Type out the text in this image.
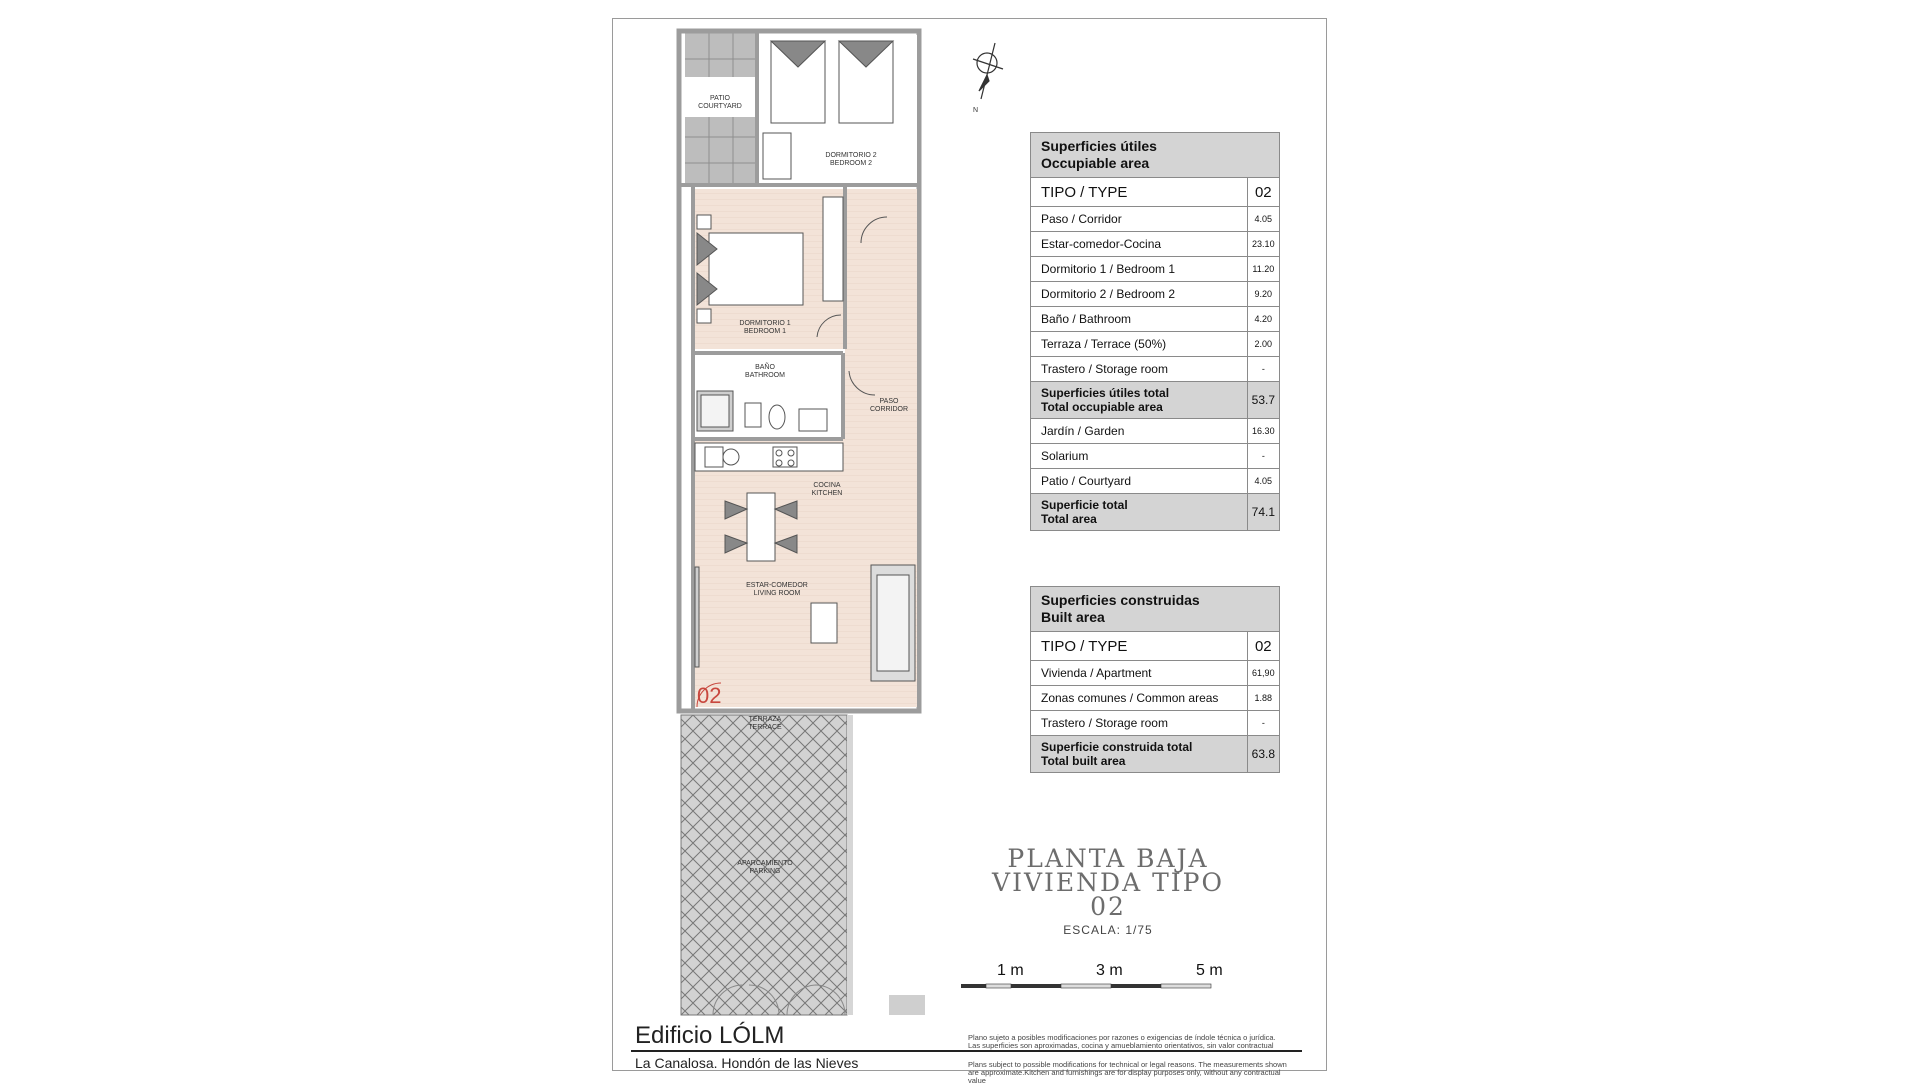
02
PATIO COURTYARD
DORMITORIO 2 BEDROOM 2
DORMITORIO 1 BEDROOM 1
BAÑO BATHROOM
PASO CORRIDOR
COCINA KITCHEN
ESTAR-COMEDOR LIVING ROOM
TERRAZA TERRACE
APARCAMIENTO PARKING
N
1 m	3 m	5 m
Superficies útiles
Occupiable area	
TIPO / TYPE	02
Paso / Corridor	4.05
Estar-comedor-Cocina	23.10
Dormitorio 1 / Bedroom 1	11.20
Dormitorio 2 / Bedroom 2	9.20
Baño / Bathroom	4.20
Terraza / Terrace (50%)	2.00
Trastero / Storage room	-
Superficies útiles total
Total occupiable area	53.7
Jardín / Garden	16.30
Solarium	-
Patio / Courtyard	4.05
Superficie total
Total area	74.1
Superficies construidas
Built area	
TIPO / TYPE	02
Vivienda / Apartment	61,90
Zonas comunes / Common areas	1.88
Trastero / Storage room	-
Superficie construida total
Total built area	63.8
PLANTA BAJA
VIVIENDA TIPO 02
ESCALA: 1/75
Edificio LÓLM
La Canalosa. Hondón de las Nieves
Plano sujeto a posibles modificaciones por razones o exigencias de índole técnica o jurídica. Las superficies son aproximadas, cocina y amueblamiento orientativos, sin valor contractual
Plans subject to possible modifications for technical or legal reasons. The measurements shown are approximate.Kitchen and furnishings are for display purposes only, without any contractual value
